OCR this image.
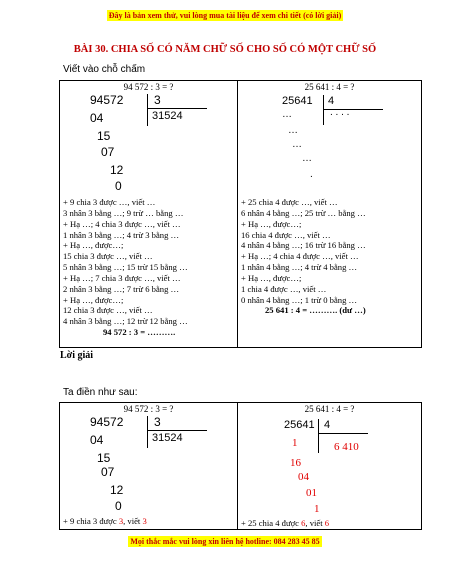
Đây là bản xem thử, vui lòng mua tài liệu để xem chi tiết (có lời giải)
BÀI 30. CHIA SỐ CÓ NĂM CHỮ SỐ CHO SỐ CÓ MỘT CHỮ SỐ
Viết vào chỗ chấm
94 572 : 3 = ?
94572	3
31524
04
15
07
12
0
+ 9 chia 3 được …, viết …
3 nhân 3 bằng …; 9 trừ … bằng …
+ Hạ …; 4 chia 3 được …, viết …
1 nhân 3 bằng …; 4 trừ 3 bằng …
+ Hạ …, được…;
15 chia 3 được …, viết …
5 nhân 3 bằng …; 15 trừ 15 bằng …
+ Hạ …; 7 chia 3 được …, viết …
2 nhân 3 bằng …; 7 trừ 6 bằng …
+ Hạ …, được…;
12 chia 3 được …, viết …
4 nhân 3 bằng …; 12 trừ 12 bằng …
94 572 : 3 = ……….

25 641 : 4 = ?
25641 4
. . . .
…
…
…
…
.
+ 25 chia 4 được …, viết …
6 nhân 4 bằng …; 25 trừ … bằng …
+ Hạ …, được…;
16 chia 4 được …, viết …
4 nhân 4 bằng …; 16 trừ 16 bằng …
+ Hạ …; 4 chia 4 được …, viết …
1 nhân 4 bằng …; 4 trừ 4 bằng …
+ Hạ …, được…;
1 chia 4 được …, viết …
0 nhân 4 bằng …; 1 trừ 0 bằng …
25 641 : 4 = ………. (dư …)
Lời giải
Ta điền như sau:
94 572 : 3 = ?
94572	3
31524
04
15
07
12
0
+ 9 chia 3 được 3, viết 3

25 641 : 4 = ?
25641 4
6 410
1
16
04
01
1
+ 25 chia 4 được 6, viết 6
Mọi thắc mắc vui lòng xin liên hệ hotline: 084 283 45 85
